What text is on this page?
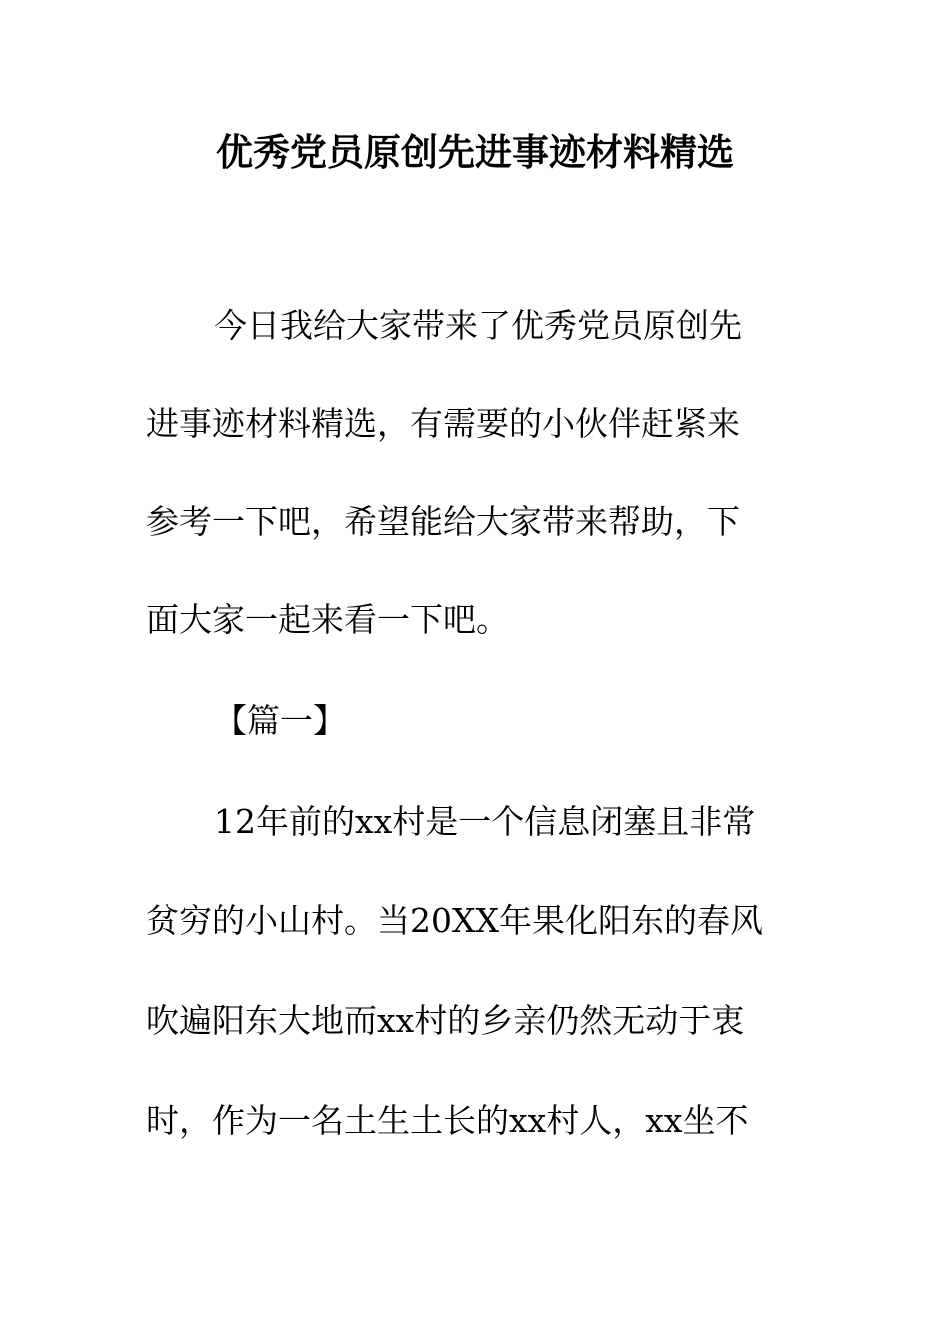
优秀党员原创先进事迹材料精选
今日我给大家带来了优秀党员原创先
进事迹材料精选，有需要的小伙伴赶紧来
参考一下吧，希望能给大家带来帮助，下
面大家一起来看一下吧。
【篇一】
12年前的xx村是一个信息闭塞且非常
贫穷的小山村。当20XX年果化阳东的春风
吹遍阳东大地而xx村的乡亲仍然无动于衷
时，作为一名土生土长的xx村人，xx坐不
